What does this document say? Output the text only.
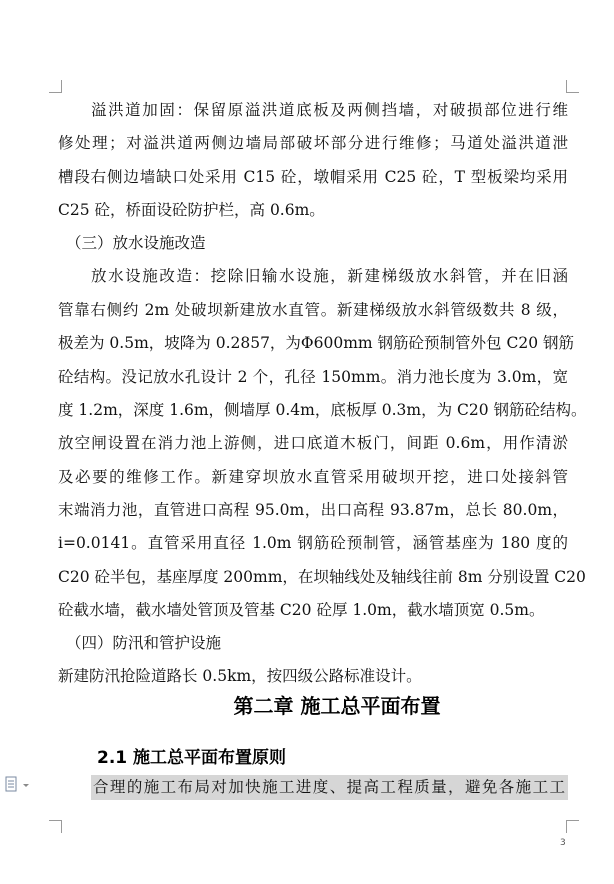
溢洪道加固：保留原溢洪道底板及两侧挡墙，对破损部位进行维
修处理；对溢洪道两侧边墙局部破坏部分进行维修；马道处溢洪道泄
槽段右侧边墙缺口处采用 C15 砼，墩帽采用 C25 砼，T 型板梁均采用
C25 砼，桥面设砼防护栏，高 0.6m。
（三）放水设施改造
放水设施改造：挖除旧输水设施，新建梯级放水斜管，并在旧涵
管靠右侧约 2m 处破坝新建放水直管。新建梯级放水斜管级数共 8 级，
极差为 0.5m，坡降为 0.2857，为Φ600mm 钢筋砼预制管外包 C20 钢筋
砼结构。没记放水孔设计 2 个，孔径 150mm。消力池长度为 3.0m，宽
度 1.2m，深度 1.6m，侧墙厚 0.4m，底板厚 0.3m，为 C20 钢筋砼结构。
放空闸设置在消力池上游侧，进口底道木板门，间距 0.6m，用作清淤
及必要的维修工作。新建穿坝放水直管采用破坝开挖，进口处接斜管
末端消力池，直管进口高程 95.0m，出口高程 93.87m，总长 80.0m，
i=0.0141。直管采用直径 1.0m 钢筋砼预制管，涵管基座为 180 度的
C20 砼半包，基座厚度 200mm，在坝轴线处及轴线往前 8m 分别设置 C20
砼截水墙，截水墙处管顶及管基 C20 砼厚 1.0m，截水墙顶宽 0.5m。
（四）防汛和管护设施
新建防汛抢险道路长 0.5km，按四级公路标准设计。
第二章 施工总平面布置
2.1 施工总平面布置原则
合理的施工布局对加快施工进度、提高工程质量，避免各施工工
3
